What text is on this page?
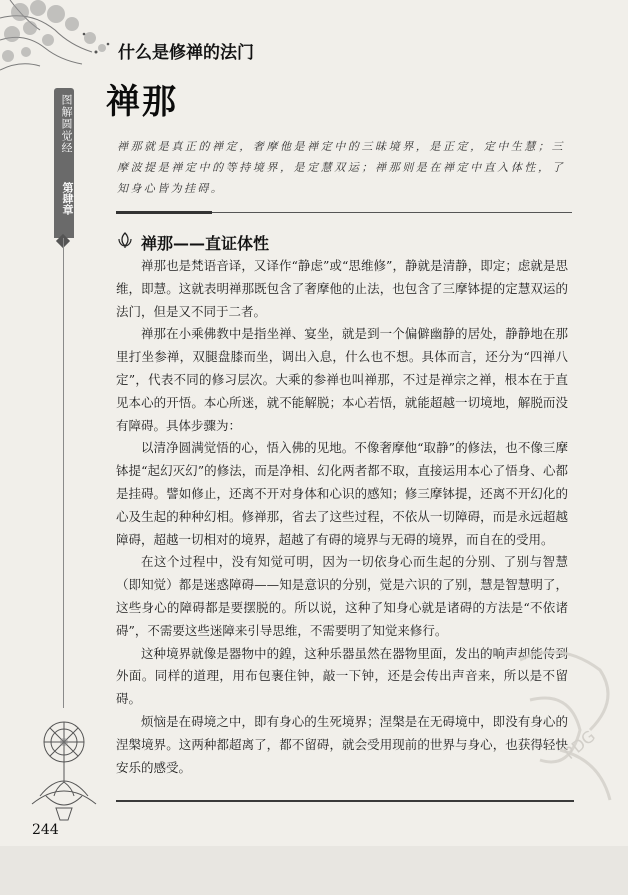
图解圆觉经
第肆章
什么是修禅的法门
禅那
禅那就是真正的禅定，奢摩他是禅定中的三昧境界，是正定，定中生慧；三摩波提是禅定中的等持境界，是定慧双运；禅那则是在禅定中直入体性，了知身心皆为挂碍。
禅那——直证体性

禅那也是梵语音译，又译作“静虑”或“思维修”，静就是清静，即定；虑就是思维，即慧。这就表明禅那既包含了奢摩他的止法，也包含了三摩钵提的定慧双运的法门，但是又不同于二者。

禅那在小乘佛教中是指坐禅、宴坐，就是到一个偏僻幽静的居处，静静地在那里打坐参禅，双腿盘膝而坐，调出入息，什么也不想。具体而言，还分为“四禅八定”，代表不同的修习层次。大乘的参禅也叫禅那，不过是禅宗之禅，根本在于直见本心的开悟。本心所迷，就不能解脱；本心若悟，就能超越一切境地，解脱而没有障碍。具体步骤为：

以清净圆满觉悟的心，悟入佛的见地。不像奢摩他“取静”的修法，也不像三摩钵提“起幻灭幻”的修法，而是净相、幻化两者都不取，直接运用本心了悟身、心都是挂碍。譬如修止，还离不开对身体和心识的感知；修三摩钵提，还离不开幻化的心及生起的种种幻相。修禅那，省去了这些过程，不依从一切障碍，而是永远超越障碍，超越一切相对的境界，超越了有碍的境界与无碍的境界，而自在的受用。

在这个过程中，没有知觉可明，因为一切依身心而生起的分别、了别与智慧（即知觉）都是迷惑障碍——知是意识的分别，觉是六识的了别，慧是智慧明了，这些身心的障碍都是要摆脱的。所以说，这种了知身心就是诸碍的方法是“不依诸碍”，不需要这些迷障来引导思维，不需要明了知觉来修行。

这种境界就像是器物中的鍠，这种乐器虽然在器物里面，发出的响声却能传到外面。同样的道理，用布包裹住钟，敲一下钟，还是会传出声音来，所以是不留碍。

烦恼是在碍境之中，即有身心的生死境界；涅槃是在无碍境中，即没有身心的涅槃境界。这两种都超离了，都不留碍，就会受用现前的世界与身心，也获得轻快安乐的感受。

PDG
244
